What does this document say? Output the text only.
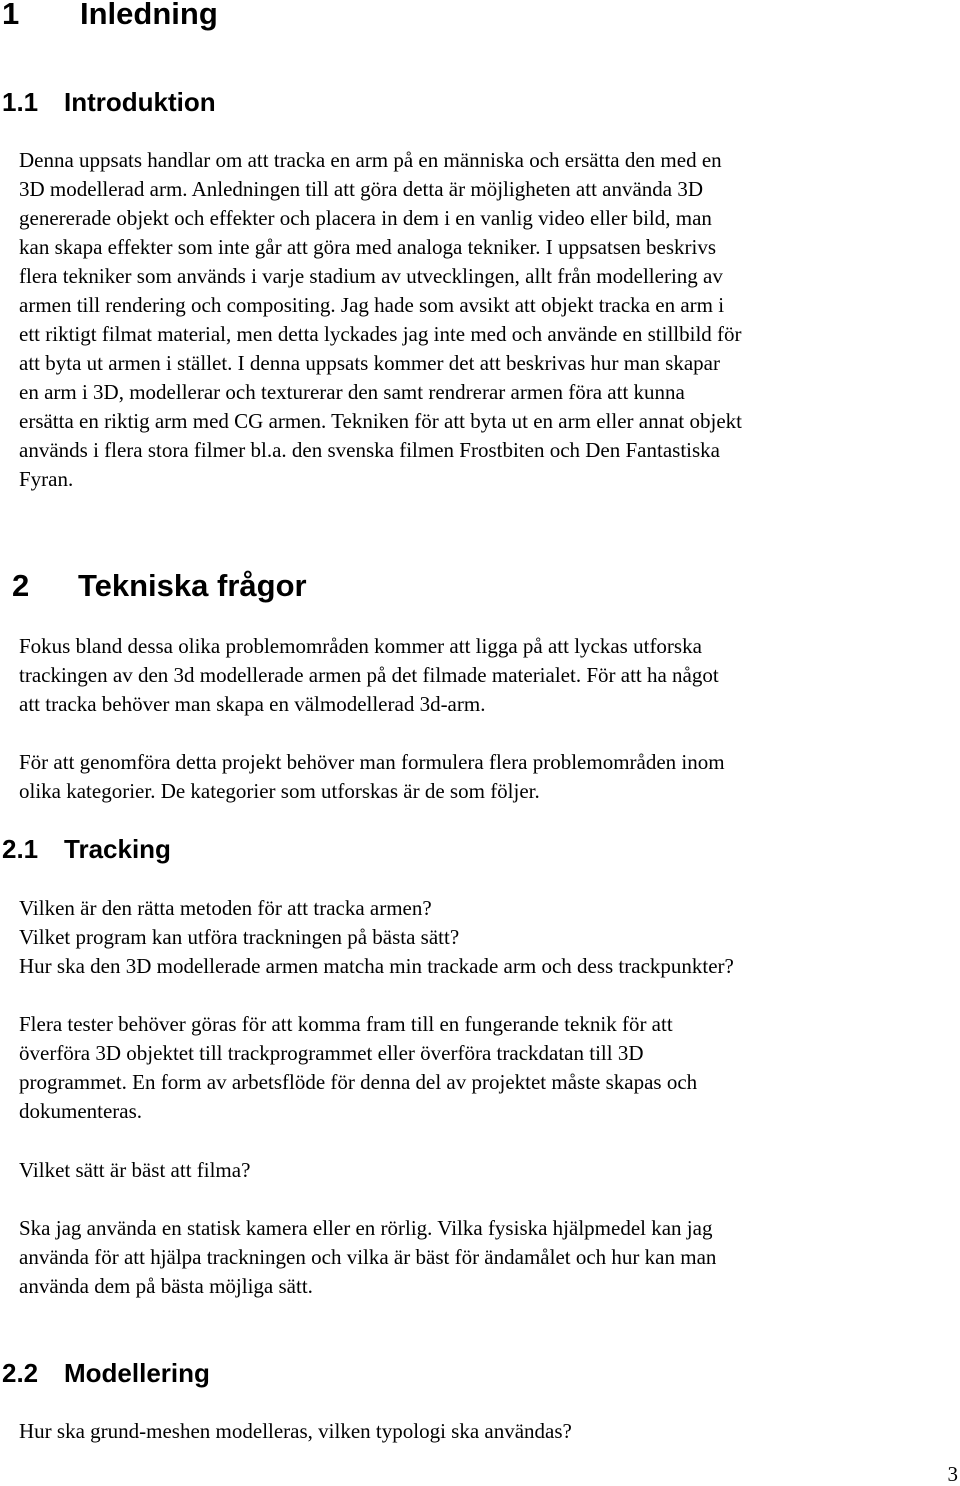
1 Inledning
1.1 Introduktion
Denna uppsats handlar om att tracka en arm på en människa och ersätta den med en
3D modellerad arm. Anledningen till att göra detta är möjligheten att använda 3D
genererade objekt och effekter och placera in dem i en vanlig video eller bild, man
kan skapa effekter som inte går att göra med analoga tekniker. I uppsatsen beskrivs
flera tekniker som används i varje stadium av utvecklingen, allt från modellering av
armen till rendering och compositing. Jag hade som avsikt att objekt tracka en arm i
ett riktigt filmat material, men detta lyckades jag inte med och använde en stillbild för
att byta ut armen i stället. I denna uppsats kommer det att beskrivas hur man skapar
en arm i 3D, modellerar och texturerar den samt rendrerar armen föra att kunna
ersätta en riktig arm med CG armen. Tekniken för att byta ut en arm eller annat objekt
används i flera stora filmer bl.a. den svenska filmen Frostbiten och Den Fantastiska
Fyran.
2 Tekniska frågor
Fokus bland dessa olika problemområden kommer att ligga på att lyckas utforska
trackingen av den 3d modellerade armen på det filmade materialet. För att ha något
att tracka behöver man skapa en välmodellerad 3d-arm.
För att genomföra detta projekt behöver man formulera flera problemområden inom
olika kategorier. De kategorier som utforskas är de som följer.
2.1 Tracking
Vilken är den rätta metoden för att tracka armen?
Vilket program kan utföra trackningen på bästa sätt?
Hur ska den 3D modellerade armen matcha min trackade arm och dess trackpunkter?
Flera tester behöver göras för att komma fram till en fungerande teknik för att
överföra 3D objektet till trackprogrammet eller överföra trackdatan till 3D
programmet. En form av arbetsflöde för denna del av projektet måste skapas och
dokumenteras.
Vilket sätt är bäst att filma?
Ska jag använda en statisk kamera eller en rörlig. Vilka fysiska hjälpmedel kan jag
använda för att hjälpa trackningen och vilka är bäst för ändamålet och hur kan man
använda dem på bästa möjliga sätt.
2.2 Modellering
Hur ska grund-meshen modelleras, vilken typologi ska användas?
3
